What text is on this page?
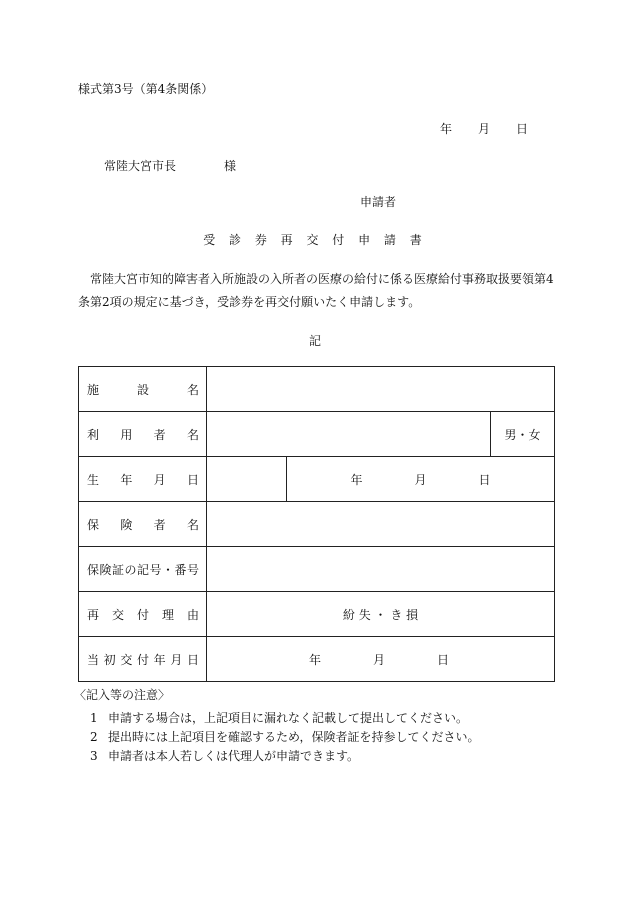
様式第3号（第4条関係）
年 月 日
常陸大宮市長	様
申請者
受 診 券 再 交 付 申 請 書
常陸大宮市知的障害者入所施設の入所者の医療の給付に係る医療給付事務取扱要領第4条第2項の規定に基づき，受診券を再交付願いたく申請します。
記
施　設　名			

利　用　者　名			男・女

生　年　月　日		年 月 日	

保　険　者　名			

保険証の記号・番号			

再　交　付　理　由	紛 失 ・ き 損		

当 初 交 付 年 月 日	年 月 日		
〈記入等の注意〉
1 申請する場合は，上記項目に漏れなく記載して提出してください。
2 提出時には上記項目を確認するため，保険者証を持参してください。
3 申請者は本人若しくは代理人が申請できます。
